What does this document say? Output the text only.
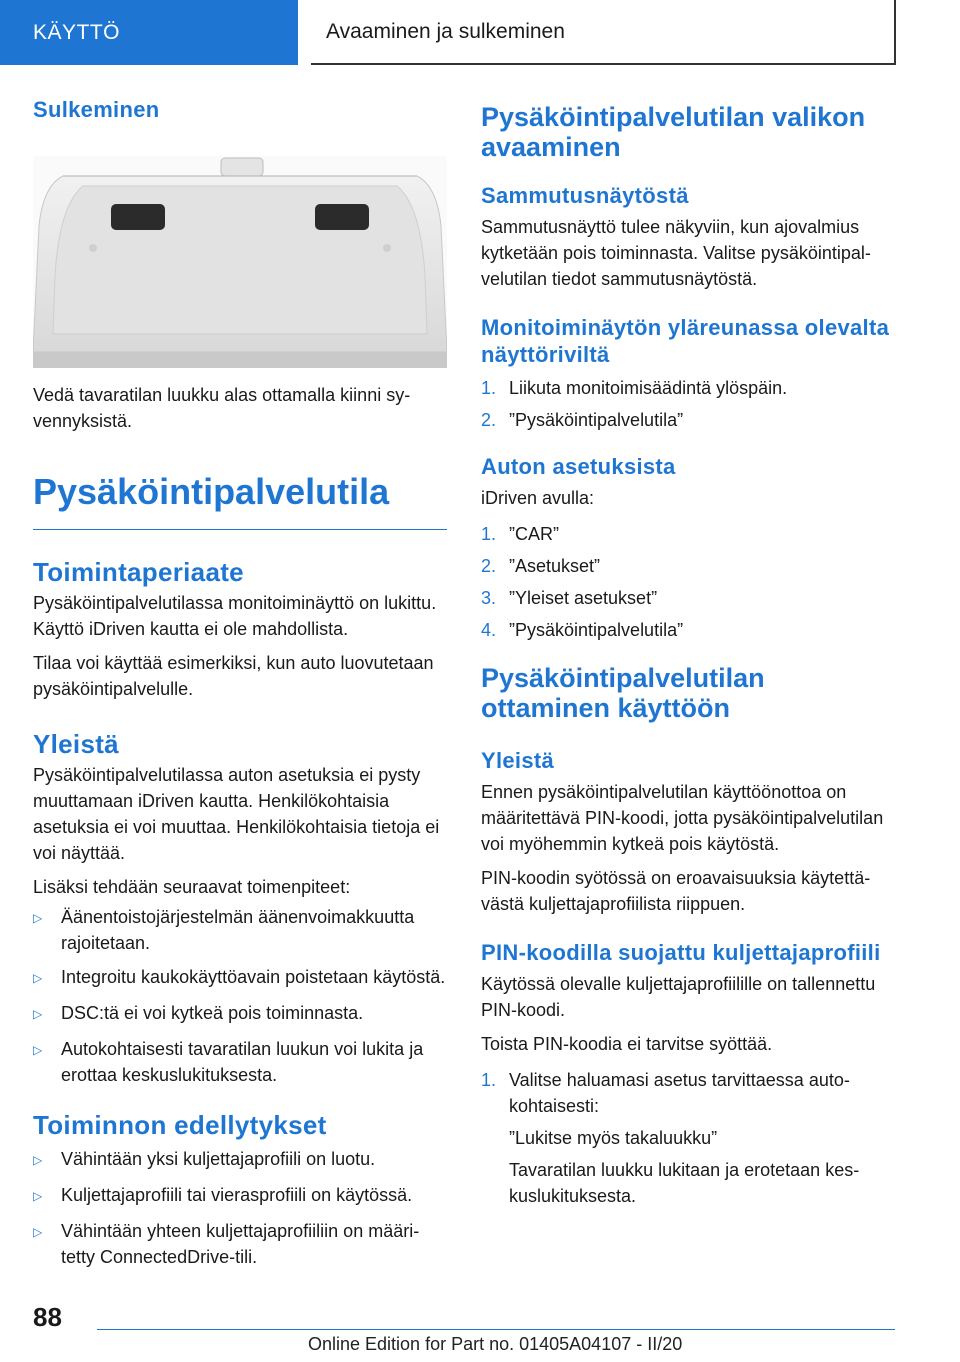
KÄYTTÖ	Avaaminen ja sulkeminen
Sulkeminen

Vedä tavaratilan luukku alas ottamalla kiinni syvennyksistä.

Pysäköintipalvelutila
Toimintaperiaate

Pysäköintipalvelutilassa monitoiminäyttö on lukittu. Käyttö iDriven kautta ei ole mahdollista.

Tilaa voi käyttää esimerkiksi, kun auto luovutetaan pysäköintipalvelulle.

Yleistä

Pysäköintipalvelutilassa auton asetuksia ei pysty muuttamaan iDriven kautta. Henkilökohtaisia asetuksia ei voi muuttaa. Henkilökohtaisia tietoja ei voi näyttää.

Lisäksi tehdään seuraavat toimenpiteet:

▷	Äänentoistojärjestelmän äänenvoimakkuutta rajoitetaan.
▷	Integroitu kaukokäyttöavain poistetaan käytöstä.
▷	DSC:tä ei voi kytkeä pois toiminnasta.
▷	Autokohtaisesti tavaratilan luukun voi lukita ja erottaa keskuslukituksesta.
Toiminnon edellytykset
▷	Vähintään yksi kuljettajaprofiili on luotu.
▷	Kuljettajaprofiili tai vierasprofiili on käytössä.
▷	Vähintään yhteen kuljettajaprofiiliin on määritetty ConnectedDrive-tili.
Pysäköintipalvelutilan valikon avaaminen
Sammutusnäytöstä

Sammutusnäyttö tulee näkyviin, kun ajovalmius kytketään pois toiminnasta. Valitse pysäköintipalvelutilan tiedot sammutusnäytöstä.

Monitoiminäytön yläreunassa olevalta näyttöriviltä
1. Liikuta monitoimisäädintä ylöspäin.
2. ”Pysäköintipalvelutila”
Auton asetuksista

iDriven avulla:

1. ”CAR”
2. ”Asetukset”
3. ”Yleiset asetukset”
4. ”Pysäköintipalvelutila”
Pysäköintipalvelutilan ottaminen käyttöön
Yleistä

Ennen pysäköintipalvelutilan käyttöönottoa on määritettävä PIN-koodi, jotta pysäköintipalvelutilan voi myöhemmin kytkeä pois käytöstä.

PIN-koodin syötössä on eroavaisuuksia käytettävästä kuljettajaprofiilista riippuen.

PIN-koodilla suojattu kuljettajaprofiili

Käytössä olevalle kuljettajaprofiilille on tallennettu PIN-koodi.

Toista PIN-koodia ei tarvitse syöttää.

1. Valitse haluamasi asetus tarvittaessa autokohtaisesti:
”Lukitse myös takaluukku”
Tavaratilan luukku lukitaan ja erotetaan keskuslukituksesta.
88
Online Edition for Part no. 01405A04107 - II/20
